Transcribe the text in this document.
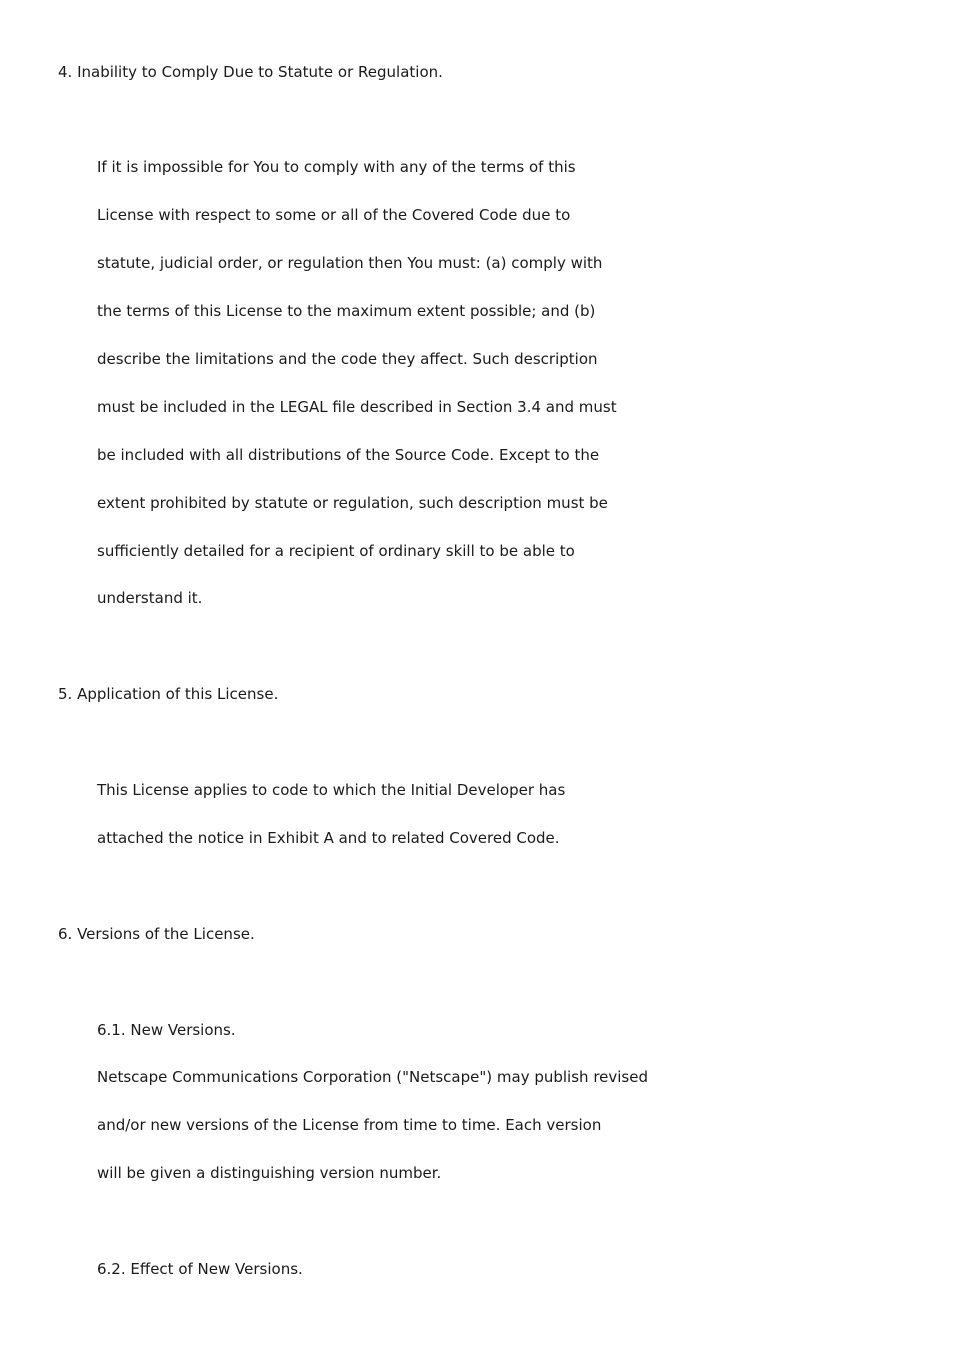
4. Inability to Comply Due to Statute or Regulation.
If it is impossible for You to comply with any of the terms of this
License with respect to some or all of the Covered Code due to
statute, judicial order, or regulation then You must: (a) comply with
the terms of this License to the maximum extent possible; and (b)
describe the limitations and the code they affect. Such description
must be included in the LEGAL file described in Section 3.4 and must
be included with all distributions of the Source Code. Except to the
extent prohibited by statute or regulation, such description must be
sufficiently detailed for a recipient of ordinary skill to be able to
understand it.
5. Application of this License.
This License applies to code to which the Initial Developer has
attached the notice in Exhibit A and to related Covered Code.
6. Versions of the License.
6.1. New Versions.
Netscape Communications Corporation ("Netscape") may publish revised
and/or new versions of the License from time to time. Each version
will be given a distinguishing version number.
6.2. Effect of New Versions.
